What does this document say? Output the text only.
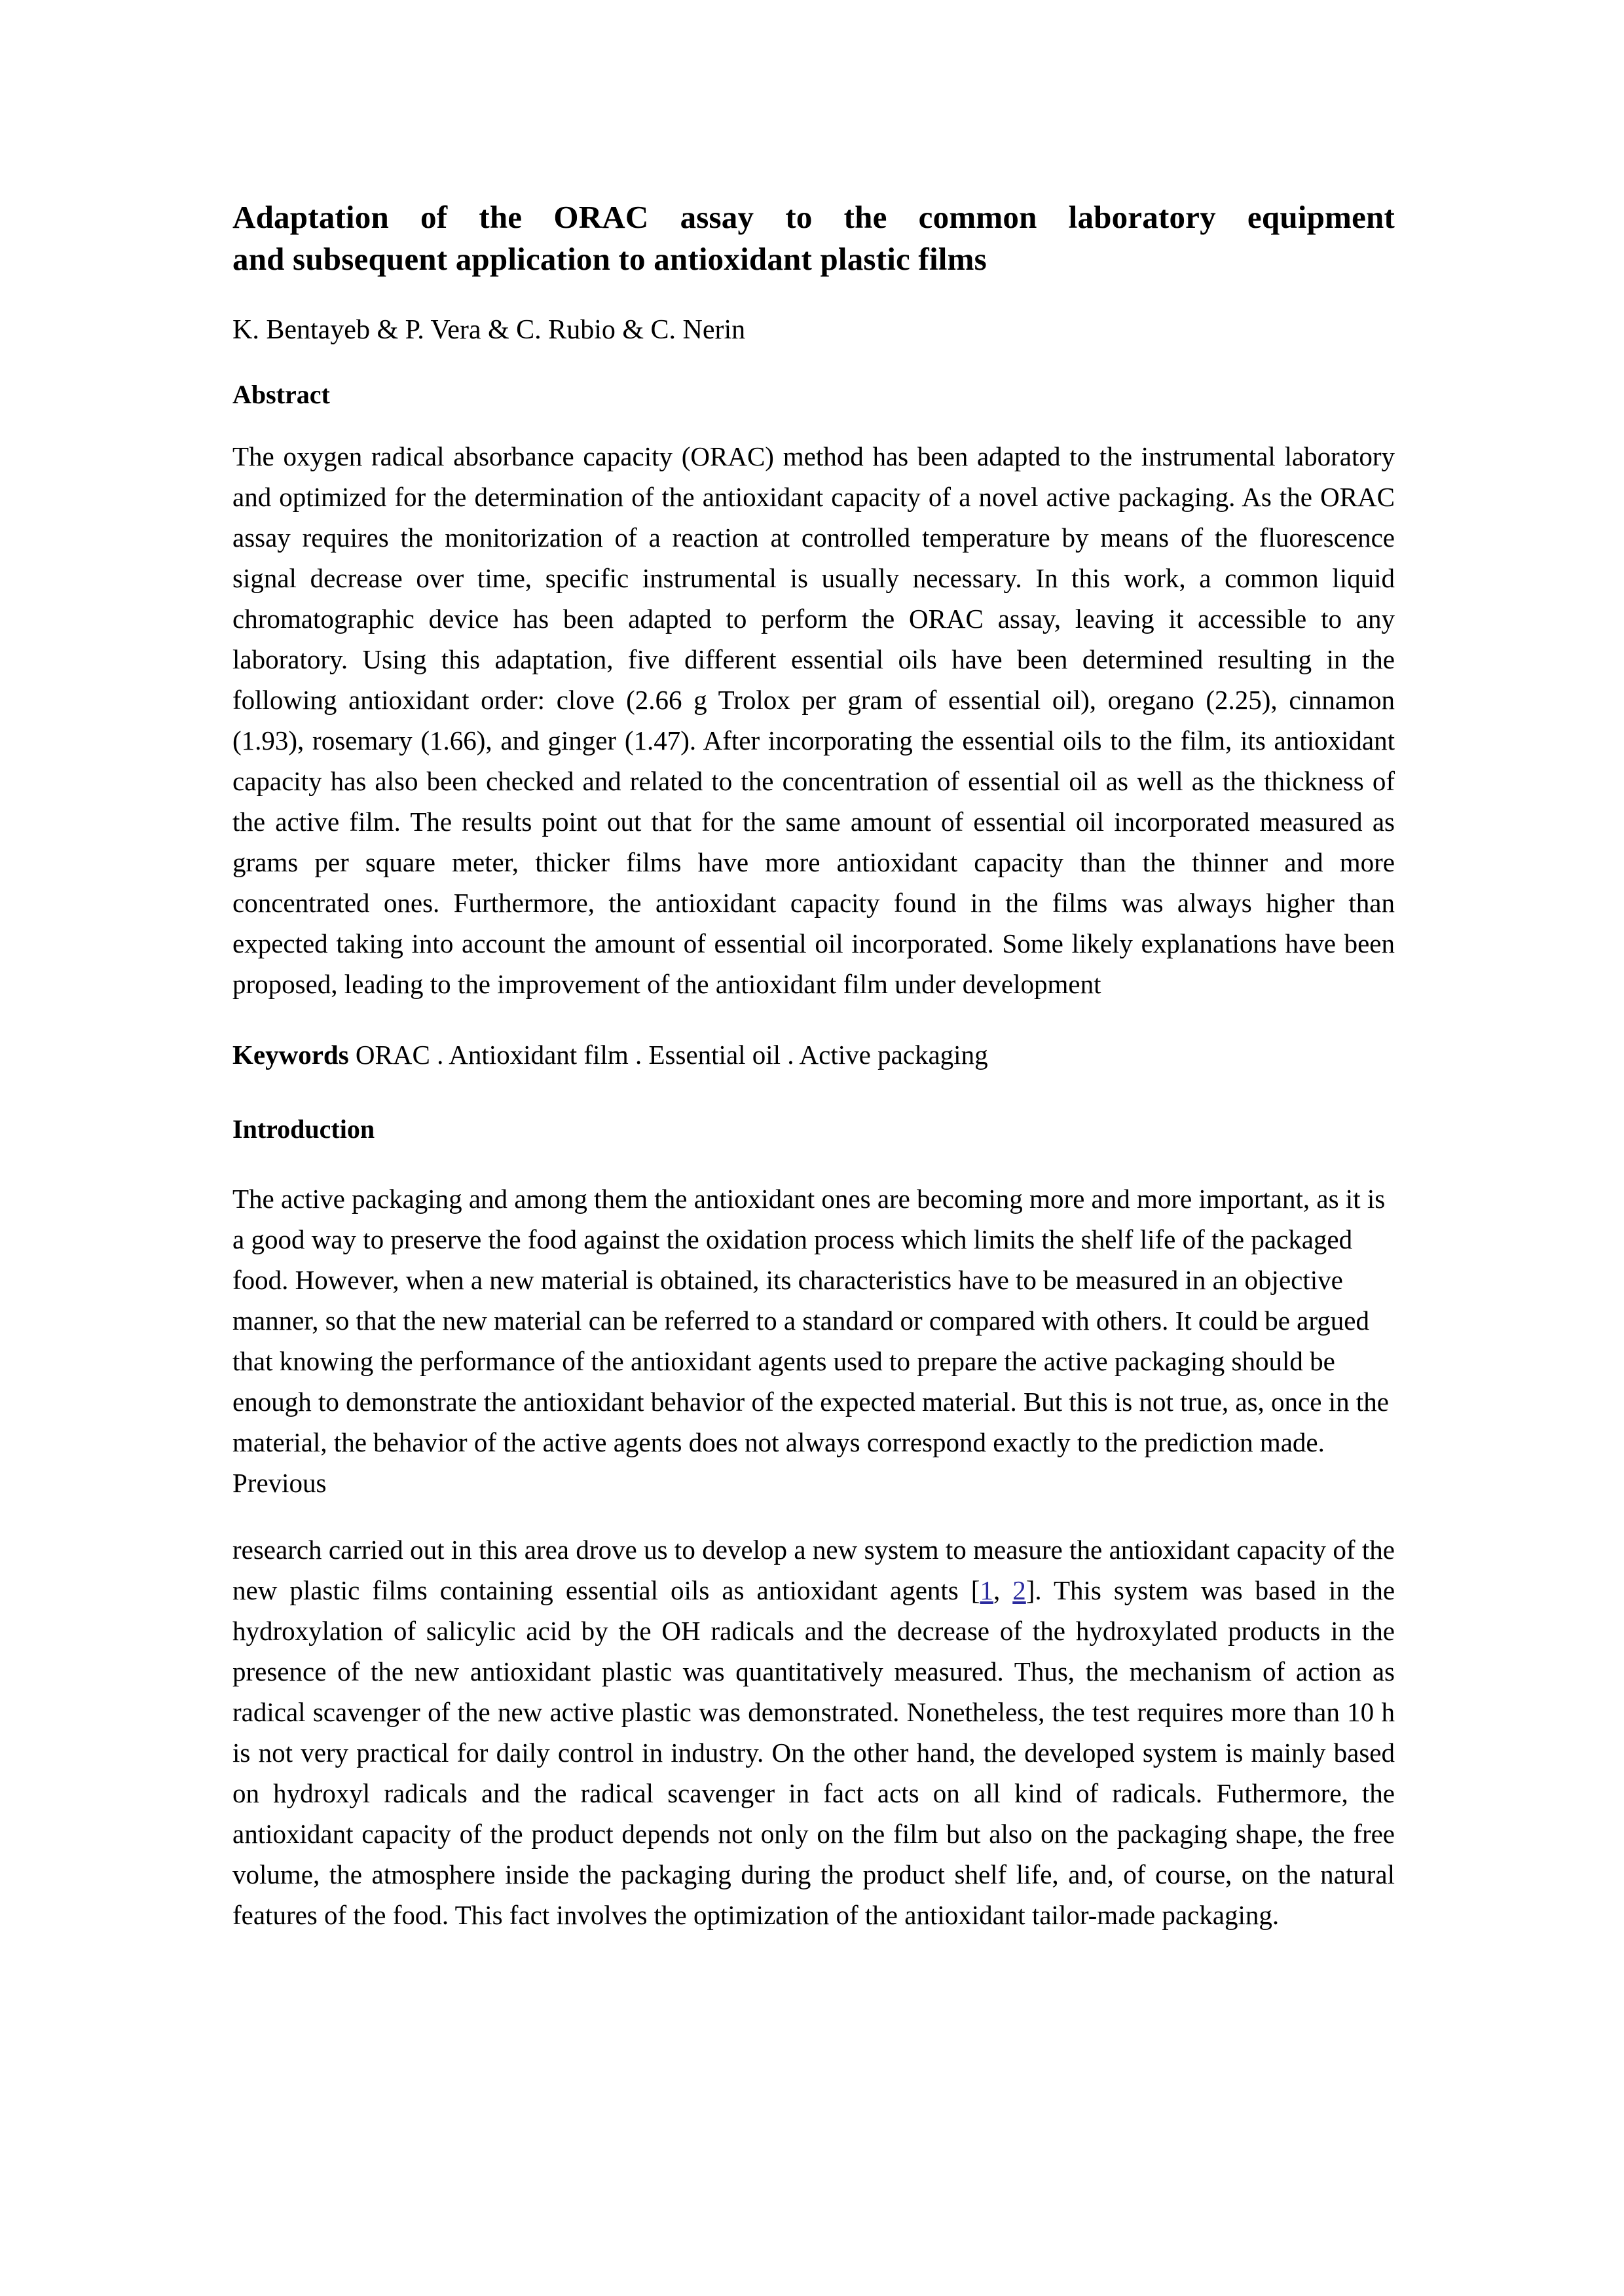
Adaptation of the ORAC assay to the common laboratory equipment
and subsequent application to antioxidant plastic films
K. Bentayeb & P. Vera & C. Rubio & C. Nerin
Abstract

The oxygen radical absorbance capacity (ORAC) method has been adapted to the instrumental laboratory and optimized for the determination of the antioxidant capacity of a novel active packaging. As the ORAC assay requires the monitorization of a reaction at controlled temperature by means of the fluorescence signal decrease over time, specific instrumental is usually necessary. In this work, a common liquid chromatographic device has been adapted to perform the ORAC assay, leaving it accessible to any laboratory. Using this adaptation, five different essential oils have been determined resulting in the following antioxidant order: clove (2.66 g Trolox per gram of essential oil), oregano (2.25), cinnamon (1.93), rosemary (1.66), and ginger (1.47). After incorporating the essential oils to the film, its antioxidant capacity has also been checked and related to the concentration of essential oil as well as the thickness of the active film. The results point out that for the same amount of essential oil incorporated measured as grams per square meter, thicker films have more antioxidant capacity than the thinner and more concentrated ones. Furthermore, the antioxidant capacity found in the films was always higher than expected taking into account the amount of essential oil incorporated. Some likely explanations have been proposed, leading to the improvement of the antioxidant film under development

Keywords ORAC . Antioxidant film . Essential oil . Active packaging

Introduction

The active packaging and among them the antioxidant ones are becoming more and more important, as it is a good way to preserve the food against the oxidation process which limits the shelf life of the packaged food. However, when a new material is obtained, its characteristics have to be measured in an objective manner, so that the new material can be referred to a standard or compared with others. It could be argued that knowing the performance of the antioxidant agents used to prepare the active packaging should be enough to demonstrate the antioxidant behavior of the expected material. But this is not true, as, once in the material, the behavior of the active agents does not always correspond exactly to the prediction made. Previous

research carried out in this area drove us to develop a new system to measure the antioxidant capacity of the new plastic films containing essential oils as antioxidant agents [1, 2]. This system was based in the hydroxylation of salicylic acid by the OH radicals and the decrease of the hydroxylated products in the presence of the new antioxidant plastic was quantitatively measured. Thus, the mechanism of action as radical scavenger of the new active plastic was demonstrated. Nonetheless, the test requires more than 10 h is not very practical for daily control in industry. On the other hand, the developed system is mainly based on hydroxyl radicals and the radical scavenger in fact acts on all kind of radicals. Futhermore, the antioxidant capacity of the product depends not only on the film but also on the packaging shape, the free volume, the atmosphere inside the packaging during the product shelf life, and, of course, on the natural features of the food. This fact involves the optimization of the antioxidant tailor-made packaging.
